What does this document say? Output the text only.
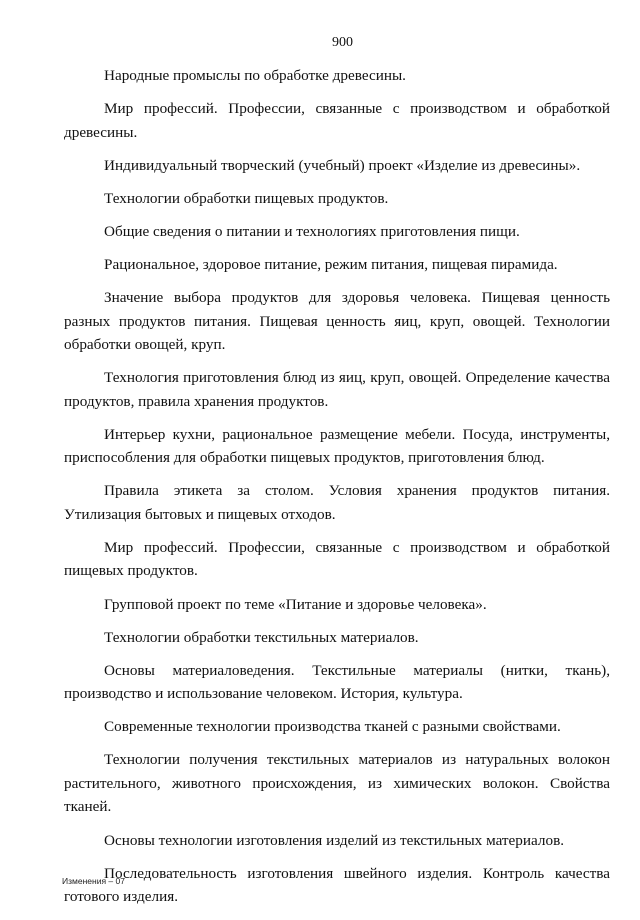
900

Народные промыслы по обработке древесины.

Мир профессий. Профессии, связанные с производством и обработкой древесины.

Индивидуальный творческий (учебный) проект «Изделие из древесины».

Технологии обработки пищевых продуктов.

Общие сведения о питании и технологиях приготовления пищи.

Рациональное, здоровое питание, режим питания, пищевая пирамида.

Значение выбора продуктов для здоровья человека. Пищевая ценность разных продуктов питания. Пищевая ценность яиц, круп, овощей. Технологии обработки овощей, круп.

Технология приготовления блюд из яиц, круп, овощей. Определение качества продуктов, правила хранения продуктов.

Интерьер кухни, рациональное размещение мебели. Посуда, инструменты, приспособления для обработки пищевых продуктов, приготовления блюд.

Правила этикета за столом. Условия хранения продуктов питания. Утилизация бытовых и пищевых отходов.

Мир профессий. Профессии, связанные с производством и обработкой пищевых продуктов.

Групповой проект по теме «Питание и здоровье человека».

Технологии обработки текстильных материалов.

Основы материаловедения. Текстильные материалы (нитки, ткань), производство и использование человеком. История, культура.

Современные технологии производства тканей с разными свойствами.

Технологии получения текстильных материалов из натуральных волокон растительного, животного происхождения, из химических волокон. Свойства тканей.

Основы технологии изготовления изделий из текстильных материалов.

Последовательность изготовления швейного изделия. Контроль качества готового изделия.

Изменения – 07
